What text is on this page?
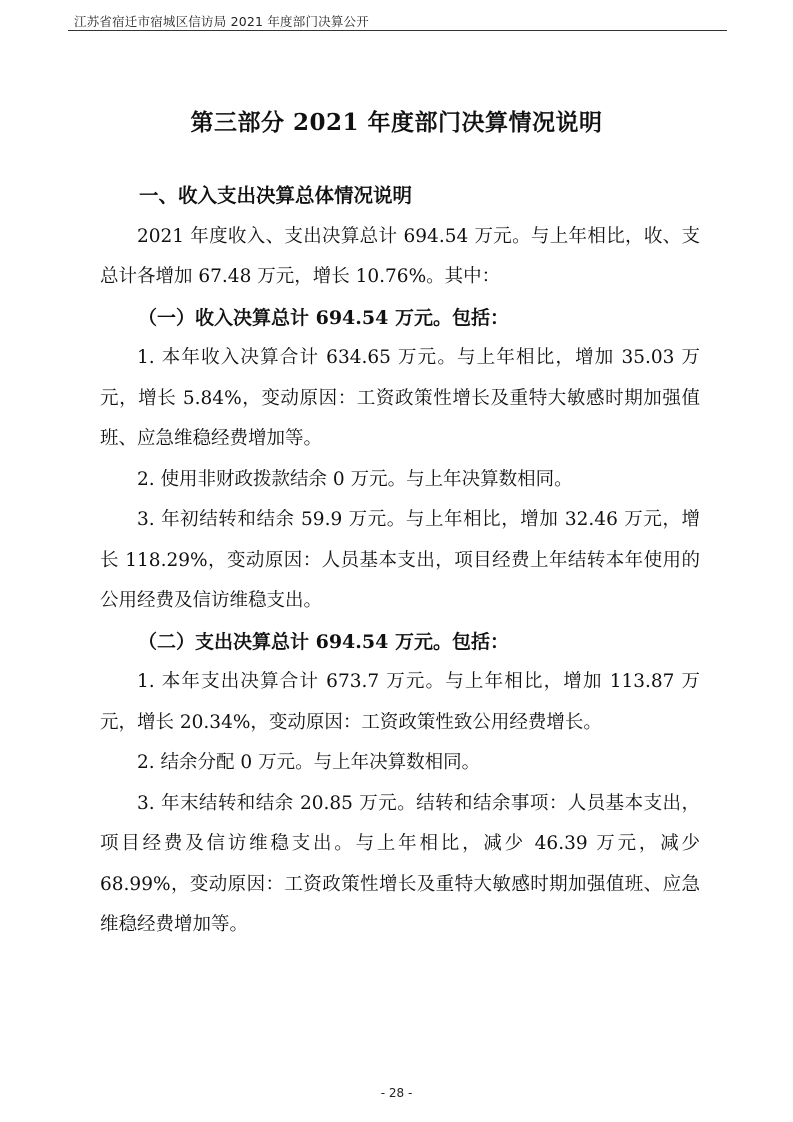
江苏省宿迁市宿城区信访局 2021 年度部门决算公开
第三部分 2021 年度部门决算情况说明

一、收入支出决算总体情况说明

2021 年度收入、支出决算总计 694.54 万元。与上年相比，收、支总计各增加 67.48 万元，增长 10.76%。其中：

（一）收入决算总计 694.54 万元。包括：

1. 本年收入决算合计 634.65 万元。与上年相比，增加 35.03 万元，增长 5.84%，变动原因：工资政策性增长及重特大敏感时期加强值班、应急维稳经费增加等。

2. 使用非财政拨款结余 0 万元。与上年决算数相同。

3. 年初结转和结余 59.9 万元。与上年相比，增加 32.46 万元，增长 118.29%，变动原因：人员基本支出，项目经费上年结转本年使用的公用经费及信访维稳支出。

（二）支出决算总计 694.54 万元。包括：

1. 本年支出决算合计 673.7 万元。与上年相比，增加 113.87 万元，增长 20.34%，变动原因：工资政策性致公用经费增长。

2. 结余分配 0 万元。与上年决算数相同。

3. 年末结转和结余 20.85 万元。结转和结余事项：人员基本支出，项目经费及信访维稳支出。与上年相比，减少 46.39 万元，减少 68.99%，变动原因：工资政策性增长及重特大敏感时期加强值班、应急维稳经费增加等。

- 28 -
